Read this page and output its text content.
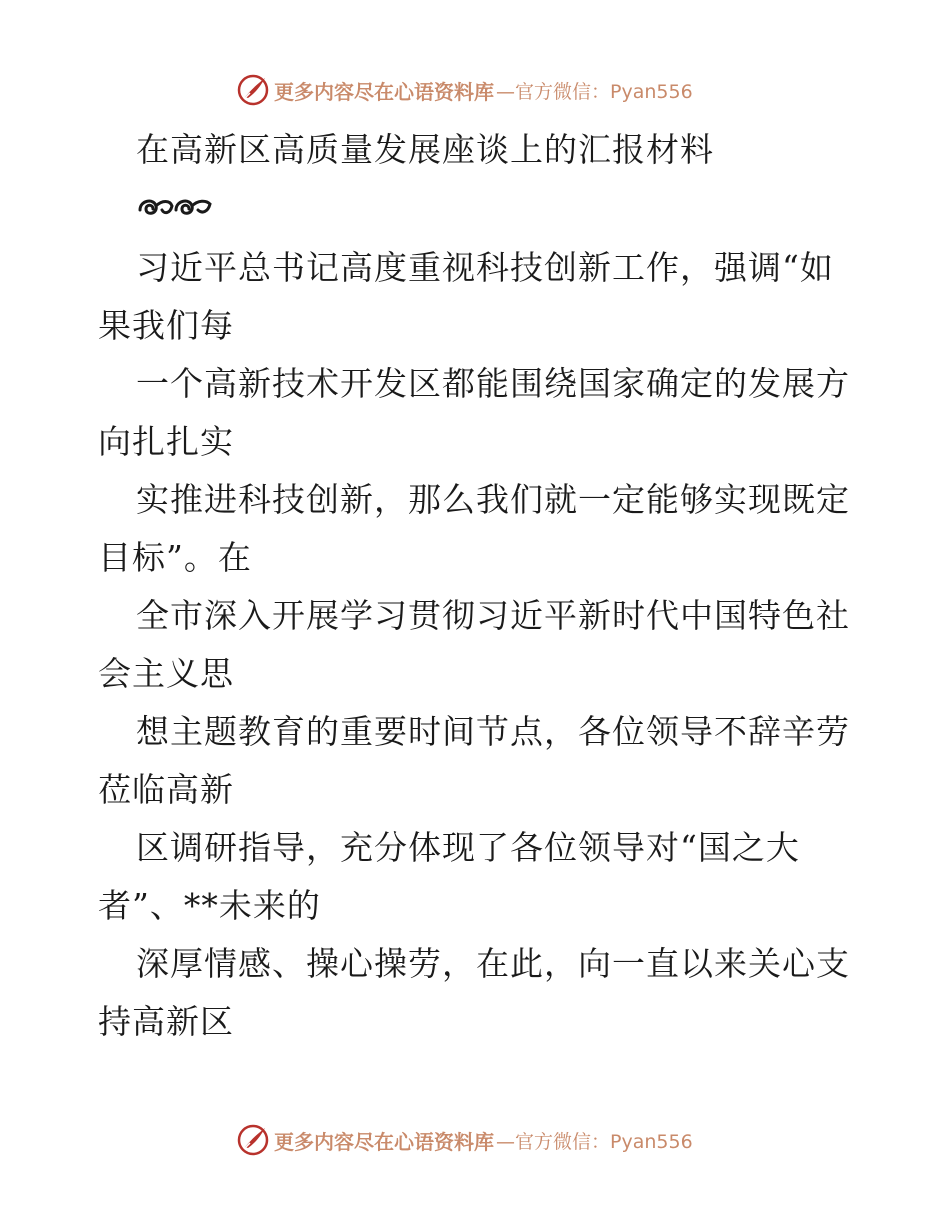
更多内容尽在心语资料库 —官方微信：Pyan556
在高新区高质量发展座谈上的汇报材料
习近平总书记高度重视科技创新工作，强调“如
果我们每
一个高新技术开发区都能围绕国家确定的发展方
向扎扎实
实推进科技创新，那么我们就一定能够实现既定
目标”。在
全市深入开展学习贯彻习近平新时代中国特色社
会主义思
想主题教育的重要时间节点，各位领导不辞辛劳
莅临高新
区调研指导，充分体现了各位领导对“国之大
者”、**未来的
深厚情感、操心操劳，在此，向一直以来关心支
持高新区
更多内容尽在心语资料库 —官方微信：Pyan556
